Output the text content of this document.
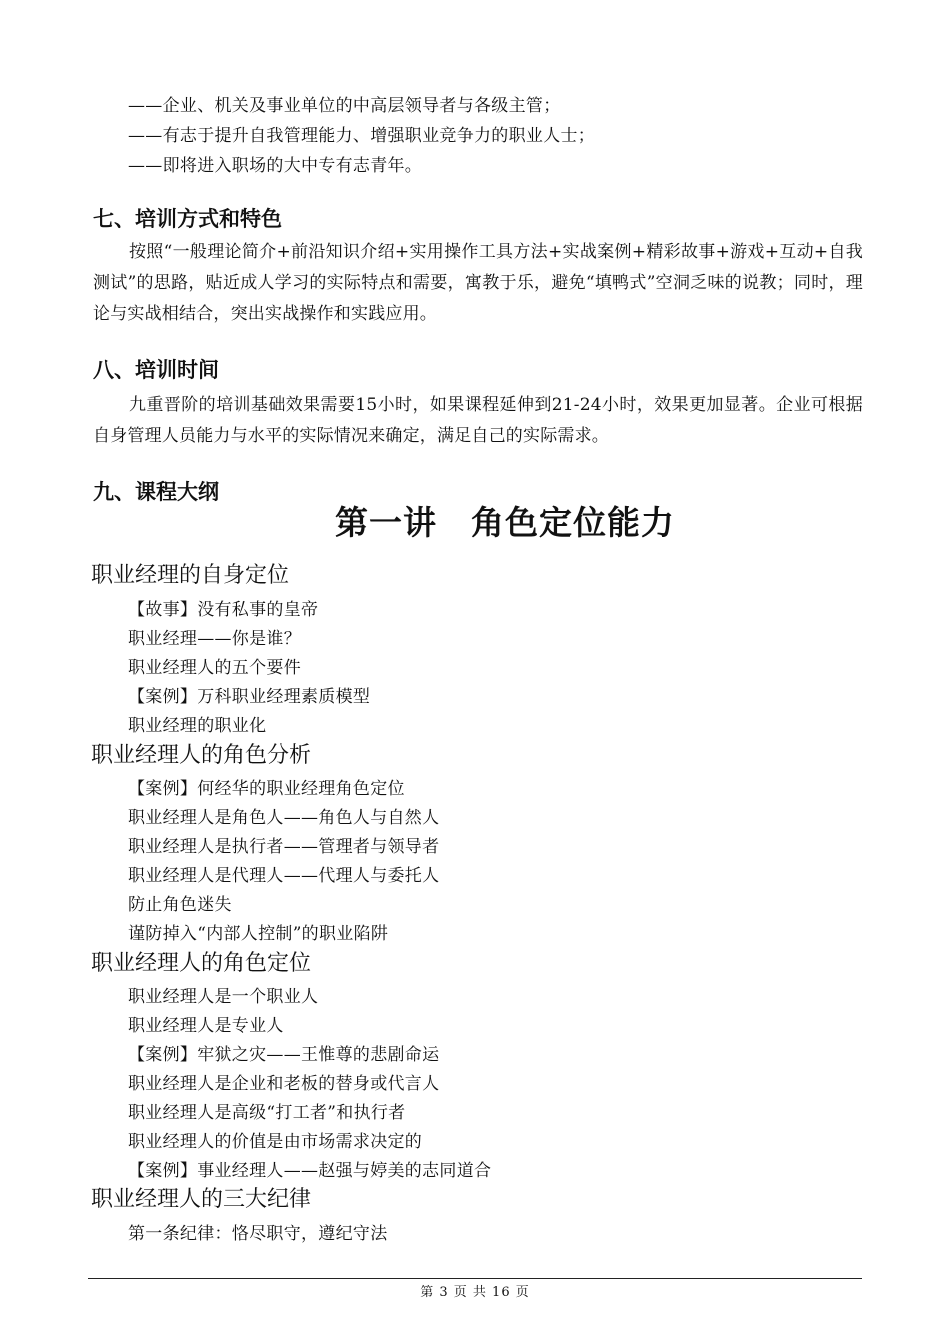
——企业、机关及事业单位的中高层领导者与各级主管；
——有志于提升自我管理能力、增强职业竞争力的职业人士；
——即将进入职场的大中专有志青年。
七、培训方式和特色
按照“一般理论简介+前沿知识介绍+实用操作工具方法+实战案例+精彩故事+游戏+互动+自我测试”的思路，贴近成人学习的实际特点和需要，寓教于乐，避免“填鸭式”空洞乏味的说教；同时，理论与实战相结合，突出实战操作和实践应用。
八、培训时间
九重晋阶的培训基础效果需要15小时，如果课程延伸到21-24小时，效果更加显著。企业可根据自身管理人员能力与水平的实际情况来确定，满足自己的实际需求。
九、课程大纲
第一讲　角色定位能力
职业经理的自身定位
【故事】没有私事的皇帝
职业经理——你是谁？
职业经理人的五个要件
【案例】万科职业经理素质模型
职业经理的职业化
职业经理人的角色分析
【案例】何经华的职业经理角色定位
职业经理人是角色人——角色人与自然人
职业经理人是执行者——管理者与领导者
职业经理人是代理人——代理人与委托人
防止角色迷失
谨防掉入“内部人控制”的职业陷阱
职业经理人的角色定位
职业经理人是一个职业人
职业经理人是专业人
【案例】牢狱之灾——王惟尊的悲剧命运
职业经理人是企业和老板的替身或代言人
职业经理人是高级“打工者”和执行者
职业经理人的价值是由市场需求决定的
【案例】事业经理人——赵强与婷美的志同道合
职业经理人的三大纪律
第一条纪律：恪尽职守，遵纪守法
第 3 页 共 16 页
